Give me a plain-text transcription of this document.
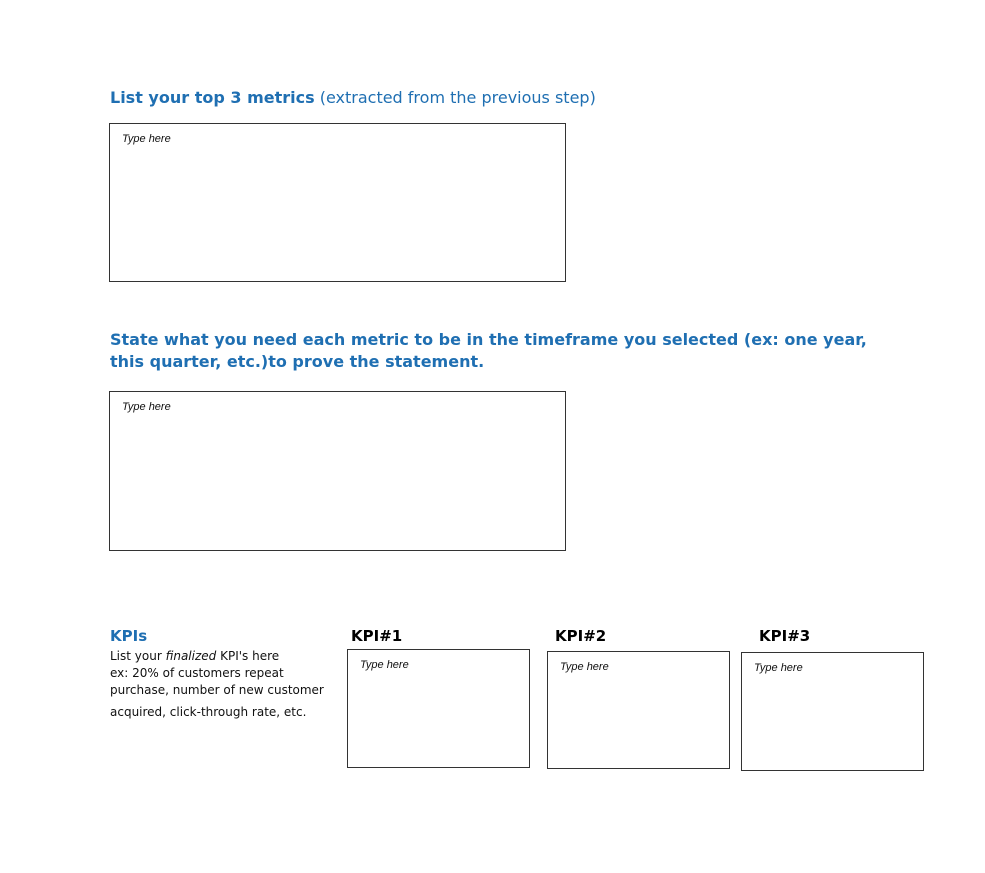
List your top 3 metrics (extracted from the previous step)
Type here
State what you need each metric to be in the timeframe you selected (ex: one year, this quarter, etc.)to prove the statement.
Type here
KPIs
List your finalized KPI's here
ex: 20% of customers repeat
purchase, number of new customer
acquired, click-through rate, etc.
KPI#1	KPI#2	KPI#3
Type here	Type here	Type here
